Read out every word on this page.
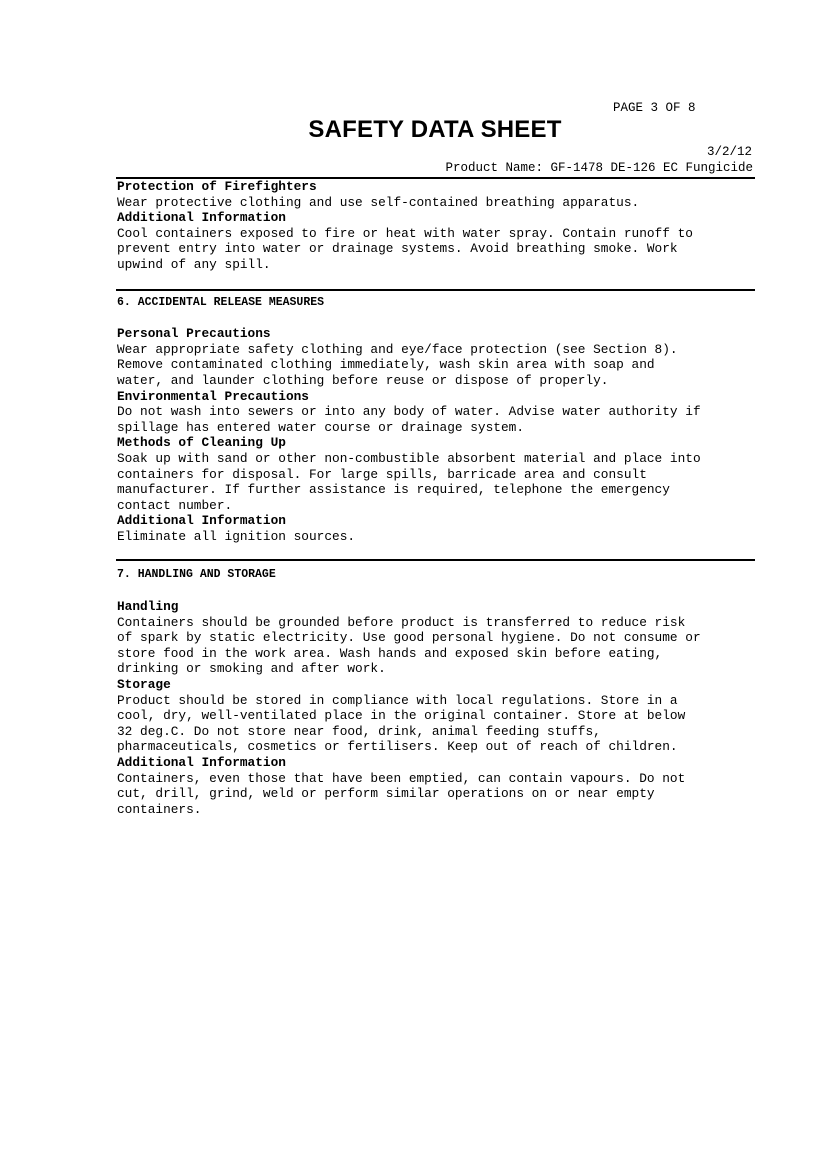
PAGE 3 OF 8
SAFETY DATA SHEET
3/2/12
Product Name: GF-1478 DE-126 EC Fungicide

Protection of Firefighters

Wear protective clothing and use self-contained breathing apparatus.

Additional Information

Cool containers exposed to fire or heat with water spray. Contain runoff to
prevent entry into water or drainage systems. Avoid breathing smoke. Work
upwind of any spill.

6. ACCIDENTAL RELEASE MEASURES

Personal Precautions

Wear appropriate safety clothing and eye/face protection (see Section 8).
Remove contaminated clothing immediately, wash skin area with soap and
water, and launder clothing before reuse or dispose of properly.

Environmental Precautions

Do not wash into sewers or into any body of water. Advise water authority if
spillage has entered water course or drainage system.

Methods of Cleaning Up

Soak up with sand or other non-combustible absorbent material and place into
containers for disposal. For large spills, barricade area and consult
manufacturer. If further assistance is required, telephone the emergency
contact number.

Additional Information

Eliminate all ignition sources.

7. HANDLING AND STORAGE

Handling

Containers should be grounded before product is transferred to reduce risk
of spark by static electricity. Use good personal hygiene. Do not consume or
store food in the work area. Wash hands and exposed skin before eating,
drinking or smoking and after work.

Storage

Product should be stored in compliance with local regulations. Store in a
cool, dry, well-ventilated place in the original container. Store at below
32 deg.C. Do not store near food, drink, animal feeding stuffs,
pharmaceuticals, cosmetics or fertilisers. Keep out of reach of children.

Additional Information

Containers, even those that have been emptied, can contain vapours. Do not
cut, drill, grind, weld or perform similar operations on or near empty
containers.
